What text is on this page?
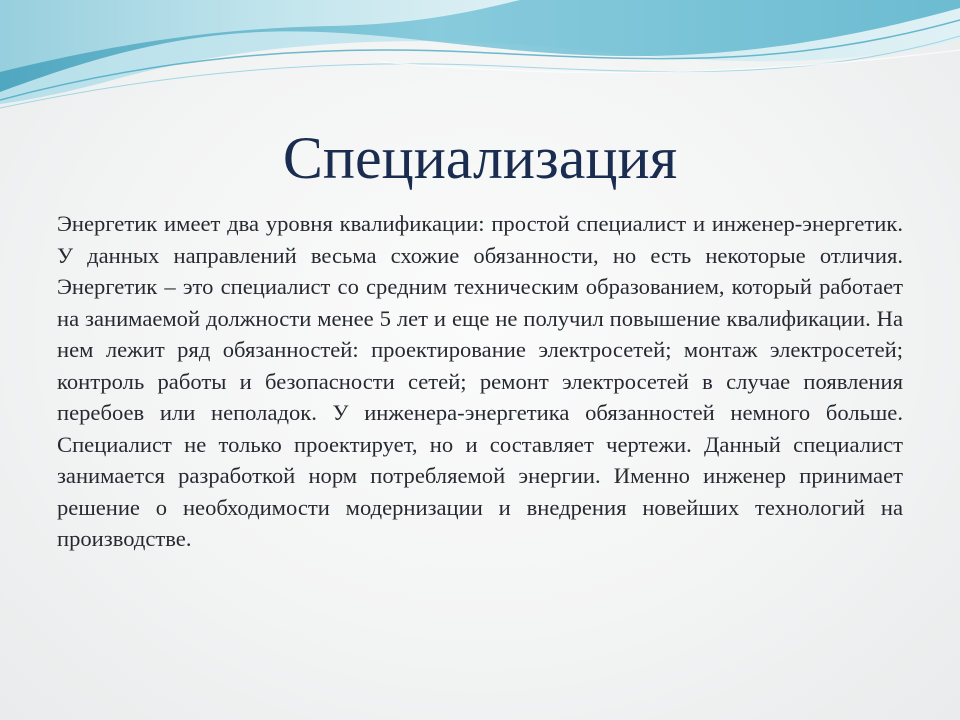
Специализация

Энергетик имеет два уровня квалификации: простой специалист и инженер-энергетик. У данных направлений весьма схожие обязанности, но есть некоторые отличия. Энергетик – это специалист со средним техническим образованием, который работает на занимаемой должности менее 5 лет и еще не получил повышение квалификации. На нем лежит ряд обязанностей: проектирование электросетей; монтаж электросетей; контроль работы и безопасности сетей; ремонт электросетей в случае появления перебоев или неполадок. У инженера-энергетика обязанностей немного больше. Специалист не только проектирует, но и составляет чертежи. Данный специалист занимается разработкой норм потребляемой энергии. Именно инженер принимает решение о необходимости модернизации и внедрения новейших технологий на производстве.
